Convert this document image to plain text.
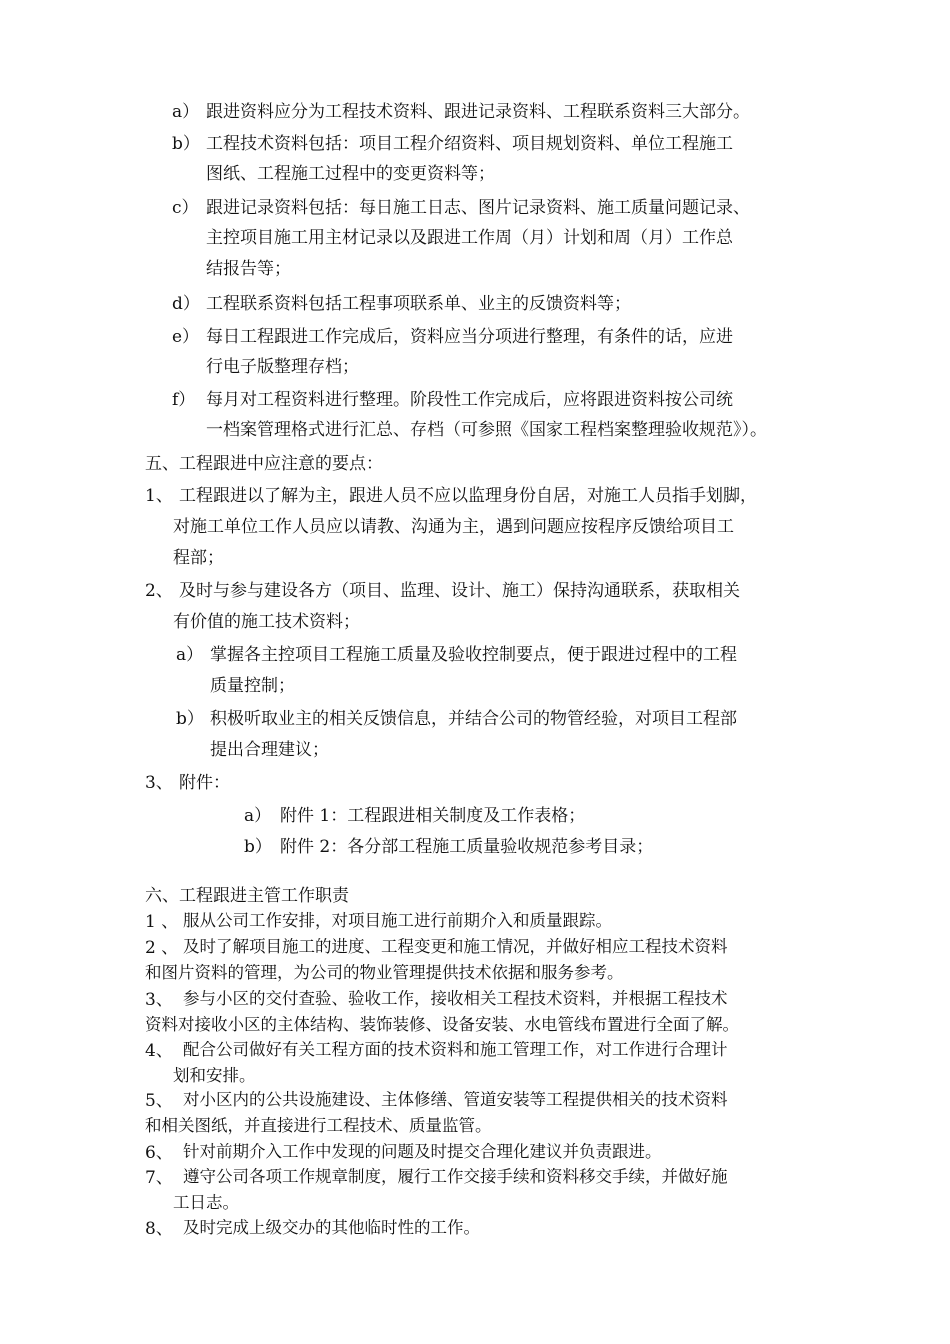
a） 跟进资料应分为工程技术资料、跟进记录资料、工程联系资料三大部分。
b） 工程技术资料包括：项目工程介绍资料、项目规划资料、单位工程施工
图纸、工程施工过程中的变更资料等；
c） 跟进记录资料包括：每日施工日志、图片记录资料、施工质量问题记录、
主控项目施工用主材记录以及跟进工作周（月）计划和周（月）工作总
结报告等；
d） 工程联系资料包括工程事项联系单、业主的反馈资料等；
e） 每日工程跟进工作完成后，资料应当分项进行整理，有条件的话，应进
行电子版整理存档；
f） 每月对工程资料进行整理。阶段性工作完成后，应将跟进资料按公司统
一档案管理格式进行汇总、存档（可参照《国家工程档案整理验收规范》）。
五、工程跟进中应注意的要点：
1、 工程跟进以了解为主，跟进人员不应以监理身份自居，对施工人员指手划脚，
对施工单位工作人员应以请教、沟通为主，遇到问题应按程序反馈给项目工
程部；
2、 及时与参与建设各方（项目、监理、设计、施工）保持沟通联系，获取相关
有价值的施工技术资料；
a） 掌握各主控项目工程施工质量及验收控制要点，便于跟进过程中的工程
质量控制；
b） 积极听取业主的相关反馈信息，并结合公司的物管经验，对项目工程部
提出合理建议；
3、 附件：
a） 附件 1：工程跟进相关制度及工作表格；
b） 附件 2：各分部工程施工质量验收规范参考目录；
六、工程跟进主管工作职责
1 、 服从公司工作安排，对项目施工进行前期介入和质量跟踪。
2 、 及时了解项目施工的进度、工程变更和施工情况，并做好相应工程技术资料
和图片资料的管理，为公司的物业管理提供技术依据和服务参考。
3、 参与小区的交付查验、验收工作，接收相关工程技术资料，并根据工程技术
资料对接收小区的主体结构、装饰装修、设备安装、水电管线布置进行全面了解。
4、 配合公司做好有关工程方面的技术资料和施工管理工作，对工作进行合理计
划和安排。
5、 对小区内的公共设施建设、主体修缮、管道安装等工程提供相关的技术资料
和相关图纸，并直接进行工程技术、质量监管。
6、 针对前期介入工作中发现的问题及时提交合理化建议并负责跟进。
7、 遵守公司各项工作规章制度，履行工作交接手续和资料移交手续，并做好施
工日志。
8、 及时完成上级交办的其他临时性的工作。
